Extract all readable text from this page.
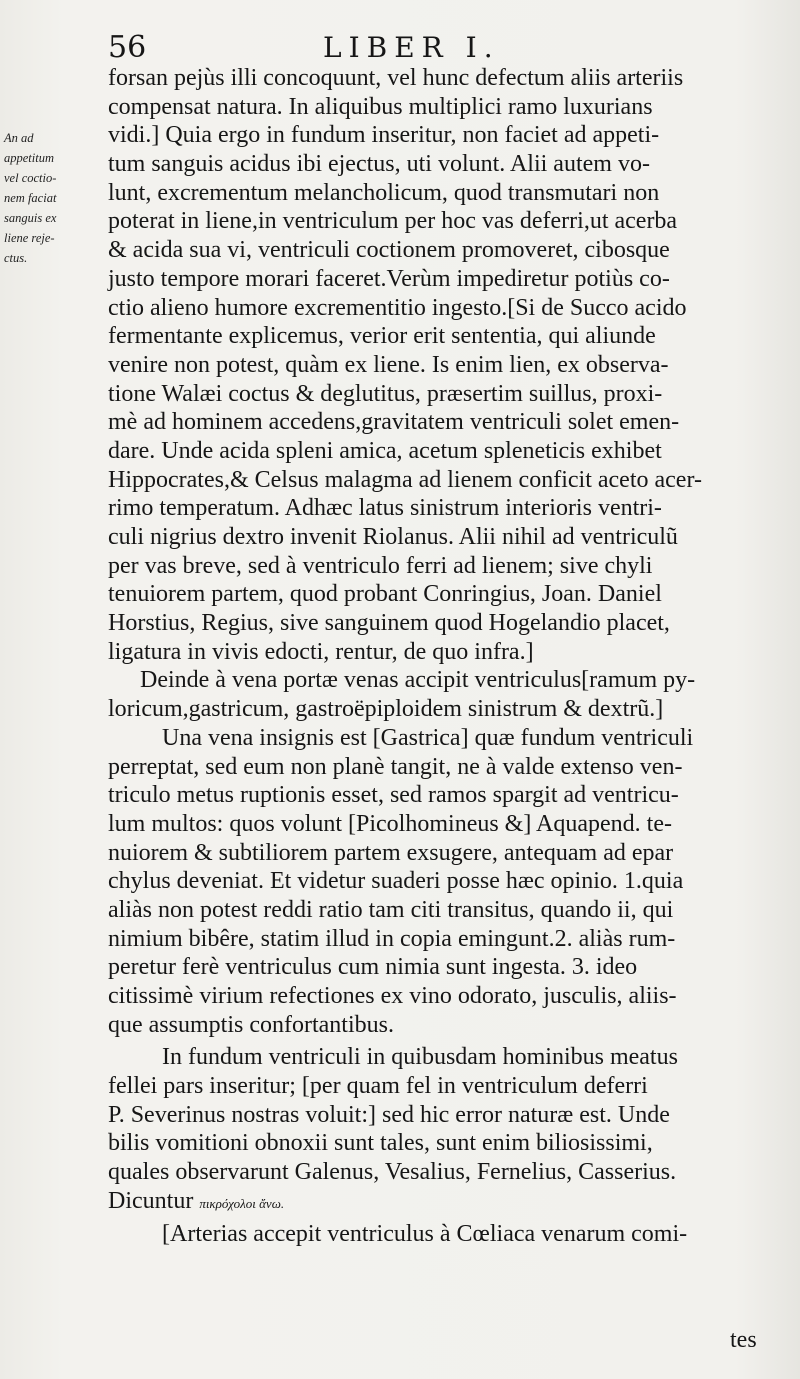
56	LIBER I.
An ad
appetitum
vel coctio-
nem faciat
sanguis ex
liene reje-
ctus.
forsan pejùs illi concoquunt, vel hunc defectum aliis arteriis
compensat natura. In aliquibus multiplici ramo luxurians
vidi.] Quia ergo in fundum inseritur, non faciet ad appeti-
tum sanguis acidus ibi ejectus, uti volunt. Alii autem vo-
lunt, excrementum melancholicum, quod transmutari non
poterat in liene,in ventriculum per hoc vas deferri,ut acerba
& acida sua vi, ventriculi coctionem promoveret, cibosque
justo tempore morari faceret.Verùm impediretur potiùs co-
ctio alieno humore excrementitio ingesto.[Si de Succo acido
fermentante explicemus, verior erit sententia, qui aliunde
venire non potest, quàm ex liene. Is enim lien, ex observa-
tione Walæi coctus & deglutitus, præsertim suillus, proxi-
mè ad hominem accedens,gravitatem ventriculi solet emen-
dare. Unde acida spleni amica, acetum spleneticis exhibet
Hippocrates,& Celsus malagma ad lienem conficit aceto acer-
rimo temperatum. Adhæc latus sinistrum interioris ventri-
culi nigrius dextro invenit Riolanus. Alii nihil ad ventriculũ
per vas breve, sed à ventriculo ferri ad lienem; sive chyli
tenuiorem partem, quod probant Conringius, Joan. Daniel
Horstius, Regius, sive sanguinem quod Hogelandio placet,
ligatura in vivis edocti, rentur, de quo infra.]
Deinde à vena portæ venas accipit ventriculus[ramum py-
loricum,gastricum, gastroëpiploidem sinistrum & dextrũ.]
Una vena insignis est [Gastrica] quæ fundum ventriculi
perreptat, sed eum non planè tangit, ne à valde extenso ven-
triculo metus ruptionis esset, sed ramos spargit ad ventricu-
lum multos: quos volunt [Picolhomineus &] Aquapend. te-
nuiorem & subtiliorem partem exsugere, antequam ad epar
chylus deveniat. Et videtur suaderi posse hæc opinio. 1.quia
aliàs non potest reddi ratio tam citi transitus, quando ii, qui
nimium bibêre, statim illud in copia emingunt.2. aliàs rum-
peretur ferè ventriculus cum nimia sunt ingesta. 3. ideo
citissimè virium refectiones ex vino odorato, jusculis, aliis-
que assumptis confortantibus.
In fundum ventriculi in quibusdam hominibus meatus
fellei pars inseritur; [per quam fel in ventriculum deferri
P. Severinus nostras voluit:] sed hic error naturæ est. Unde
bilis vomitioni obnoxii sunt tales, sunt enim biliosissimi,
quales observarunt Galenus, Vesalius, Fernelius, Casserius.
Dicuntur πικρόχολοι ἄνω.
[Arterias accepit ventriculus à Cœliaca venarum comi-
tes
